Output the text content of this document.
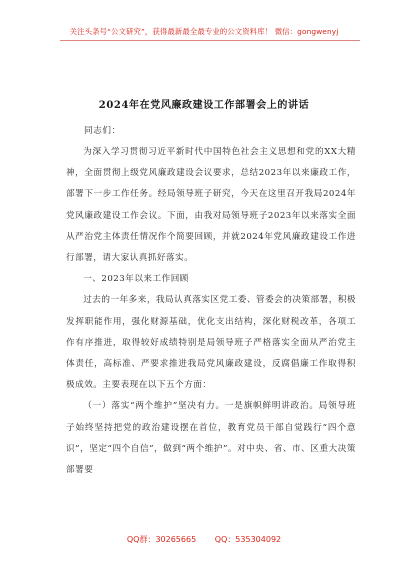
关注头条号“公文研究”，获得最新最全最专业的公文资料库！ 微信：gongwenyj
2024年在党风廉政建设工作部署会上的讲话
同志们：

为深入学习贯彻习近平新时代中国特色社会主义思想和党的XX大精神，全面贯彻上级党风廉政建设会议要求，总结2023年以来廉政工作，部署下一步工作任务。经局领导班子研究，今天在这里召开我局2024年党风廉政建设工作会议。下面，由我对局领导班子2023年以来落实全面从严治党主体责任情况作个简要回顾，并就2024年党风廉政建设工作进行部署，请大家认真抓好落实。

一、2023年以来工作回顾

过去的一年多来，我局认真落实区党工委、管委会的决策部署，积极发挥职能作用，强化财源基础，优化支出结构，深化财税改革，各项工作有序推进，取得较好成绩特别是局领导班子严格落实全面从严治党主体责任，高标准、严要求推进我局党风廉政建设，反腐倡廉工作取得积极成效。主要表现在以下五个方面：

（一）落实“两个维护”坚决有力。一是旗帜鲜明讲政治。局领导班子始终坚持把党的政治建设摆在首位，教育党员干部自觉践行“四个意识”，坚定“四个自信”，做到“两个维护”。对中央、省、市、区重大决策部署要

QQ群：30265665 QQ：535304092
